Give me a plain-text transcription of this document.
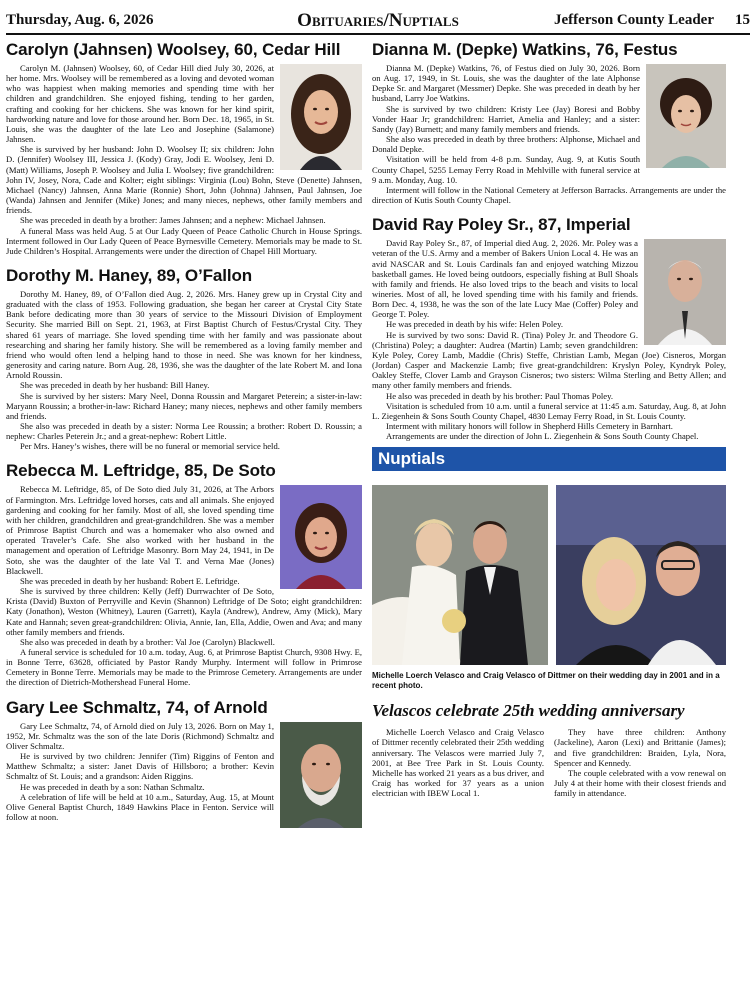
Thursday, Aug. 6, 2026	Obituaries/Nuptials	Jefferson County Leader 15
Carolyn (Jahnsen) Woolsey, 60, Cedar Hill

Carolyn M. (Jahnsen) Woolsey, 60, of Cedar Hill died July 30, 2026, at her home. Mrs. Woolsey will be remembered as a loving and devoted woman who was happiest when making memories and spending time with her children and grandchildren. She enjoyed fishing, tending to her garden, crafting and cooking for her chickens. She was known for her kind spirit, hardworking nature and love for those around her. Born Dec. 18, 1965, in St. Louis, she was the daughter of the late Leo and Josephine (Salamone) Jahnsen.

She is survived by her husband: John D. Woolsey II; six children: John D. (Jennifer) Woolsey III, Jessica J. (Kody) Gray, Jodi E. Woolsey, Jeni D. (Matt) Williams, Joseph P. Woolsey and Julia I. Woolsey; five grandchildren: John IV, Josey, Nora, Cade and Kolter; eight siblings: Virginia (Lou) Bohn, Steve (Denette) Jahnsen, Michael (Nancy) Jahnsen, Anna Marie (Ronnie) Short, John (Johnna) Jahnsen, Paul Jahnsen, Joe (Wanda) Jahnsen and Jennifer (Mike) Jones; and many nieces, nephews, other family members and friends.

She was preceded in death by a brother: James Jahnsen; and a nephew: Michael Jahnsen.

A funeral Mass was held Aug. 5 at Our Lady Queen of Peace Catholic Church in House Springs. Interment followed in Our Lady Queen of Peace Byrnesville Cemetery. Memorials may be made to St. Jude Children’s Hospital. Arrangements were under the direction of Chapel Hill Mortuary.

Dorothy M. Haney, 89, O’Fallon

Dorothy M. Haney, 89, of O’Fallon died Aug. 2, 2026. Mrs. Haney grew up in Crystal City and graduated with the class of 1953. Following graduation, she began her career at Crystal City State Bank before dedicating more than 30 years of service to the Missouri Division of Employment Security. She married Bill on Sept. 21, 1963, at First Baptist Church of Festus/Crystal City. They shared 61 years of marriage. She loved spending time with her family and was passionate about researching and sharing her family history. She will be remembered as a loving family member and friend who would often lend a helping hand to those in need. She was known for her kindness, generosity and caring nature. Born Aug. 28, 1936, she was the daughter of the late Robert M. and Iona Arnold Roussin.

She was preceded in death by her husband: Bill Haney.

She is survived by her sisters: Mary Neel, Donna Roussin and Margaret Peterein; a sister-in-law: Maryann Roussin; a brother-in-law: Richard Haney; many nieces, nephews and other family members and friends.

She also was preceded in death by a sister: Norma Lee Roussin; a brother: Robert D. Roussin; a nephew: Charles Peterein Jr.; and a great-nephew: Robert Little.

Per Mrs. Haney’s wishes, there will be no funeral or memorial service held.

Rebecca M. Leftridge, 85, De Soto

Rebecca M. Leftridge, 85, of De Soto died July 31, 2026, at The Arbors of Farmington. Mrs. Leftridge loved horses, cats and all animals. She enjoyed gardening and cooking for her family. Most of all, she loved spending time with her children, grandchildren and great-grandchildren. She was a member of Primrose Baptist Church and was a homemaker who also owned and operated Traveler’s Cafe. She also worked with her husband in the management and operation of Leftridge Masonry. Born May 24, 1941, in De Soto, she was the daughter of the late Val T. and Verna Mae (Jones) Blackwell.

She was preceded in death by her husband: Robert E. Leftridge.

She is survived by three children: Kelly (Jeff) Durrwachter of De Soto, Krista (David) Buxton of Perryville and Kevin (Shannon) Leftridge of De Soto; eight grandchildren: Katy (Jonathon), Weston (Whitney), Lauren (Garrett), Kayla (Andrew), Andrew, Amy (Mick), Mary Kate and Hannah; seven great-grandchildren: Olivia, Annie, Ian, Ella, Addie, Owen and Ava; and many other family members and friends.

She also was preceded in death by a brother: Val Joe (Carolyn) Blackwell.

A funeral service is scheduled for 10 a.m. today, Aug. 6, at Primrose Baptist Church, 9308 Hwy. E, in Bonne Terre, 63628, officiated by Pastor Randy Murphy. Interment will follow in Primrose Cemetery in Bonne Terre. Memorials may be made to the Primrose Cemetery. Arrangements are under the direction of Dietrich-Mothershead Funeral Home.

Gary Lee Schmaltz, 74, of Arnold

Gary Lee Schmaltz, 74, of Arnold died on July 13, 2026. Born on May 1, 1952, Mr. Schmaltz was the son of the late Doris (Richmond) Schmaltz and Oliver Schmaltz.

He is survived by two children: Jennifer (Tim) Riggins of Fenton and Matthew Schmaltz; a sister: Janet Davis of Hillsboro; a brother: Kevin Schmaltz of St. Louis; and a grandson: Aiden Riggins.

He was preceded in death by a son: Nathan Schmaltz.

A celebration of life will be held at 10 a.m., Saturday, Aug. 15, at Mount Olive General Baptist Church, 1849 Hawkins Place in Fenton. Service will follow at noon.

Dianna M. (Depke) Watkins, 76, Festus

Dianna M. (Depke) Watkins, 76, of Festus died on July 30, 2026. Born on Aug. 17, 1949, in St. Louis, she was the daughter of the late Alphonse Depke Sr. and Margaret (Messmer) Depke. She was preceded in death by her husband, Larry Joe Watkins.

She is survived by two children: Kristy Lee (Jay) Boresi and Bobby Vonder Haar Jr; grandchildren: Harriet, Amelia and Hanley; and a sister: Sandy (Jay) Burnett; and many family members and friends.

She also was preceded in death by three brothers: Alphonse, Michael and Donald Depke.

Visitation will be held from 4-8 p.m. Sunday, Aug. 9, at Kutis South County Chapel, 5255 Lemay Ferry Road in Mehlville with funeral service at 9 a.m. Monday, Aug. 10.

Interment will follow in the National Cemetery at Jefferson Barracks. Arrangements are under the direction of Kutis South County Chapel.

David Ray Poley Sr., 87, Imperial

David Ray Poley Sr., 87, of Imperial died Aug. 2, 2026. Mr. Poley was a veteran of the U.S. Army and a member of Bakers Union Local 4. He was an avid NASCAR and St. Louis Cardinals fan and enjoyed watching Mizzou basketball games. He loved being outdoors, especially fishing at Bull Shoals with family and friends. He also loved trips to the beach and visits to local wineries. Most of all, he loved spending time with his family and friends. Born Dec. 4, 1938, he was the son of the late Lucy Mae (Coffer) Poley and George T. Poley.

He was preceded in death by his wife: Helen Poley.

He is survived by two sons: David R. (Tina) Poley Jr. and Theodore G. (Christina) Poley; a daughter: Audrea (Martin) Lamb; seven grandchildren: Kyle Poley, Corey Lamb, Maddie (Chris) Steffe, Christian Lamb, Megan (Joe) Cisneros, Morgan (Jordan) Casper and Mackenzie Lamb; five great-grandchildren: Kryslyn Poley, Kyndryk Poley, Oakley Steffe, Clover Lamb and Grayson Cisneros; two sisters: Wilma Sterling and Betty Allen; and many other family members and friends.

He also was preceded in death by his brother: Paul Thomas Poley.

Visitation is scheduled from 10 a.m. until a funeral service at 11:45 a.m. Saturday, Aug. 8, at John L. Ziegenhein & Sons South County Chapel, 4830 Lemay Ferry Road, in St. Louis County.

Interment with military honors will follow in Shepherd Hills Cemetery in Barnhart.

Arrangements are under the direction of John L. Ziegenhein & Sons South County Chapel.

Nuptials
Michelle Loerch Velasco and Craig Velasco of Dittmer on their wedding day in 2001 and in a recent photo.
Velascos celebrate 25th wedding anniversary

Michelle Loerch Velasco and Craig Velasco of Dittmer recently celebrated their 25th wedding anniversary. The Velascos were married July 7, 2001, at Bee Tree Park in St. Louis County. Michelle has worked 21 years as a bus driver, and Craig has worked for 37 years as a union electrician with IBEW Local 1.

They have three children: Anthony (Jackeline), Aaron (Lexi) and Brittanie (James); and five grandchildren: Braiden, Lyla, Nora, Spencer and Kennedy.

The couple celebrated with a vow renewal on July 4 at their home with their closest friends and family in attendance.
